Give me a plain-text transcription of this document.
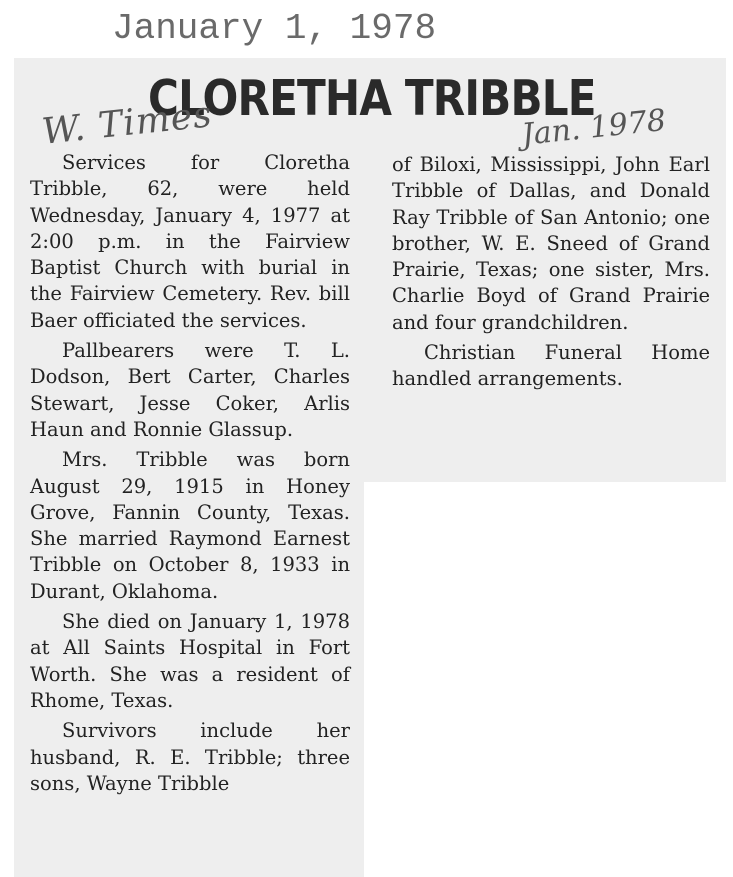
January 1, 1978
CLORETHA TRIBBLE
W. Times	Jan. 1978

Services for Cloretha Tribble, 62, were held Wednesday, January 4, 1977 at 2:00 p.m. in the Fairview Baptist Church with burial in the Fairview Cemetery. Rev. bill Baer officiated the services.

Pallbearers were T. L. Dodson, Bert Carter, Charles Stewart, Jesse Coker, Arlis Haun and Ronnie Glassup.

Mrs. Tribble was born August 29, 1915 in Honey Grove, Fannin County, Texas. She married Raymond Earnest Tribble on October 8, 1933 in Durant, Oklahoma.

She died on January 1, 1978 at All Saints Hospital in Fort Worth. She was a resident of Rhome, Texas.

Survivors include her husband, R. E. Tribble; three sons, Wayne Tribble

of Biloxi, Mississippi, John Earl Tribble of Dallas, and Donald Ray Tribble of San Antonio; one brother, W. E. Sneed of Grand Prairie, Texas; one sister, Mrs. Charlie Boyd of Grand Prairie and four grandchildren.

Christian Funeral Home handled arrangements.
